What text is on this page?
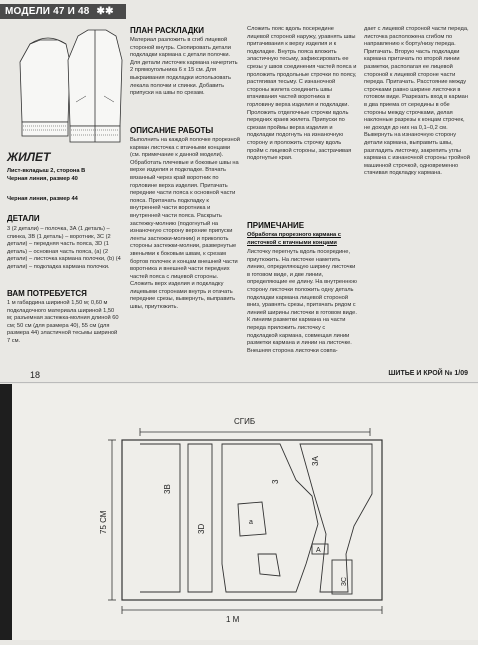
МОДЕЛИ 47 И 48 ✱✱
ЖИЛЕТ
Лист-вкладыш 2, сторона В
Черная линия, размер 40
Черная линия, размер 44
ДЕТАЛИ
3 (2 детали) – полочка, 3А (1 деталь) – спинка, 3В (1 деталь) – воротник, 3С (2 детали) – передняя часть пояса, 3D (1 деталь) – основная часть пояса, (а) (2 детали) – листочка кармана полочки, (b) (4 детали) – подкладка кармана полочки.
ВАМ ПОТРЕБУЕТСЯ
1 м габардина шириной 1,50 м; 0,60 м подкладочного материала шириной 1,50 м; разъемная застежка-молния длиной 60 см; 50 см (для размера 40), 55 см (для размера 44) эластичной тесьмы шириной 7 см.
ПЛАН РАСКЛАДКИ
Материал разложить в сгиб лицевой стороной внутрь. Скопировать детали подкладки кармана с детали полочки. Для детали листочек кармана начертить 2 прямоугольника 6 х 15 см. Для выкраивания подкладки использовать лекала полочки и спинки. Добавить припуски на швы по срезам.
ОПИСАНИЕ РАБОТЫ
Выполнить на каждой полочке прорезной карман листочка с втачными концами (см. примечание к данной модели). Обработать плечевые и боковые швы на верхе изделия и подкладке. Втачать вязанный через край воротник по горловине верха изделия. Притачать передние части пояса к основной части пояса. Притачать подкладку к внутренней части воротника и внутренней части пояса. Раскрыть застежку-молнию (подогнутый на изнаночную сторону верхние припуски ленты застежки-молнии) и приколоть стороны застежки-молнии, развернутые звеньями к боковым швам, к срезам бортов полочек и концам внешней части воротника и внешней части передних частей пояса с лицевой стороны. Сложить верх изделия и подкладку лицевыми сторонами внутрь и отачать передние срезы, вывернуть, выправить швы, приутюжить.
Сложить пояс вдоль посередине лицевой стороной наружу, уравнять швы притачивания к верху изделия и к подкладке. Внутрь пояса вложить эластичную тесьму, зафиксировать ее срезы у швов соединения частей пояса и проложить продольные строчки по поясу, растягивая тесьму. С изнаночной стороны жилета соединить швы втачивания частей воротника в горловину верха изделия и подкладки. Проложить отделочные строчки вдоль передних краев жилета. Припуски по срезам проймы верха изделия и подкладки подогнуть на изнаночную сторону и проложить строчку вдоль пройм с лицевой стороны, застрачивая подогнутые края.
ПРИМЕЧАНИЕ
Обработка прорезного кармана с листочкой с втачными концами
Листочку перегнуть вдоль посередине, приутюжить. На листочке наметить линию, определяющую ширину листочки в готовом виде, и две линии, определяющие ее длину. На внутреннюю сторону листочки положить одну деталь подкладки кармана лицевой стороной вниз, уравнять срезы, притачать рядом с линией ширины листочки в готовом виде. К линиям разметки кармана на части переда приложить листочку с подкладкой кармана, совмещая линии разметки кармана и линии на листочке. Внешняя сторона листочки совпа-
дает с лицевой стороной части переда, листочка расположена сгибом по направлению к борту/низу переда. Притачать. Вторую часть подкладки кармана притачать по второй линии разметки, располагая ее лицевой стороной к лицевой стороне части переда. Притачать. Расстояние между строчками равно ширине листочки в готовом виде. Разрезать вход в карман в два приема от середины в обе стороны между строчками, делая наклонные разрезы к концам строчек, не доходя до них на 0,1–0,2 см. Вывернуть на изнаночную сторону детали кармана, выправить швы, разгладить листочку, закрепить углы кармана с изнаночной стороны тройной машинной строчкой, одновременно стачивая подкладку кармана.
18	ШИТЬЕ И КРОЙ № 1/09
СГИБ
1 М
75 СМ
3В
3D
3
3А
3С
а
А
